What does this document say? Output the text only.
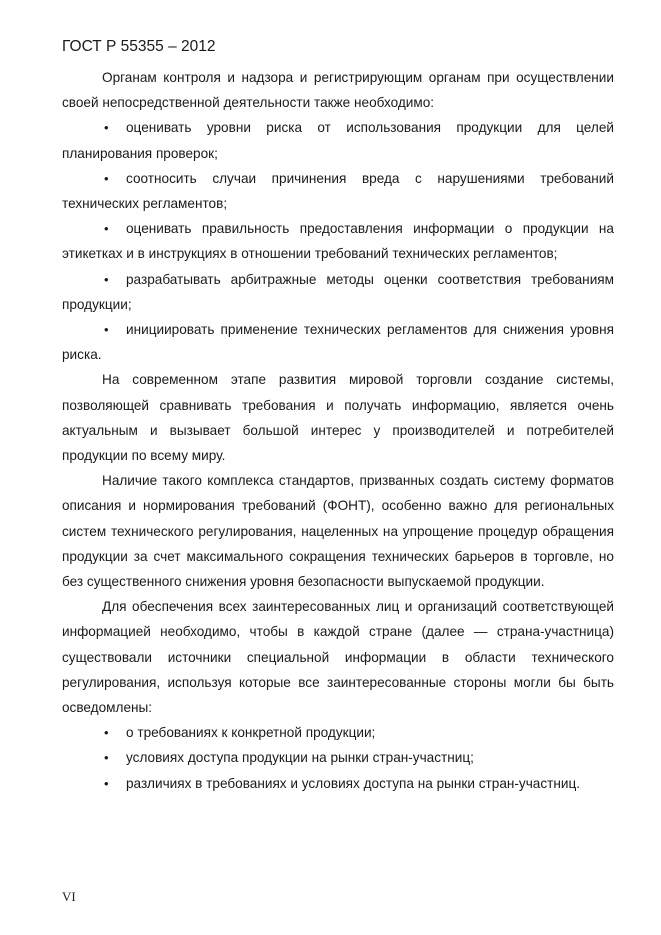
ГОСТ Р 55355 – 2012

Органам контроля и надзора и регистрирующим органам при осуществлении своей непосредственной деятельности также необходимо:

• оценивать уровни риска от использования продукции для целей планирования проверок;

• соотносить случаи причинения вреда с нарушениями требований технических регламентов;

• оценивать правильность предоставления информации о продукции на этикетках и в инструкциях в отношении требований технических регламентов;

• разрабатывать арбитражные методы оценки соответствия требованиям продукции;

• инициировать применение технических регламентов для снижения уровня риска.

На современном этапе развития мировой торговли создание системы, позволяющей сравнивать требования и получать информацию, является очень актуальным и вызывает большой интерес у производителей и потребителей продукции по всему миру.

Наличие такого комплекса стандартов, призванных создать систему форматов описания и нормирования требований (ФОНТ), особенно важно для региональных систем технического регулирования, нацеленных на упрощение процедур обращения продукции за счет максимального сокращения технических барьеров в торговле, но без существенного снижения уровня безопасности выпускаемой продукции.

Для обеспечения всех заинтересованных лиц и организаций соответствующей информацией необходимо, чтобы в каждой стране (далее — страна-участница) существовали источники специальной информации в области технического регулирования, используя которые все заинтересованные стороны могли бы быть осведомлены:

• о требованиях к конкретной продукции;

• условиях доступа продукции на рынки стран-участниц;

• различиях в требованиях и условиях доступа на рынки стран-участниц.

VI
